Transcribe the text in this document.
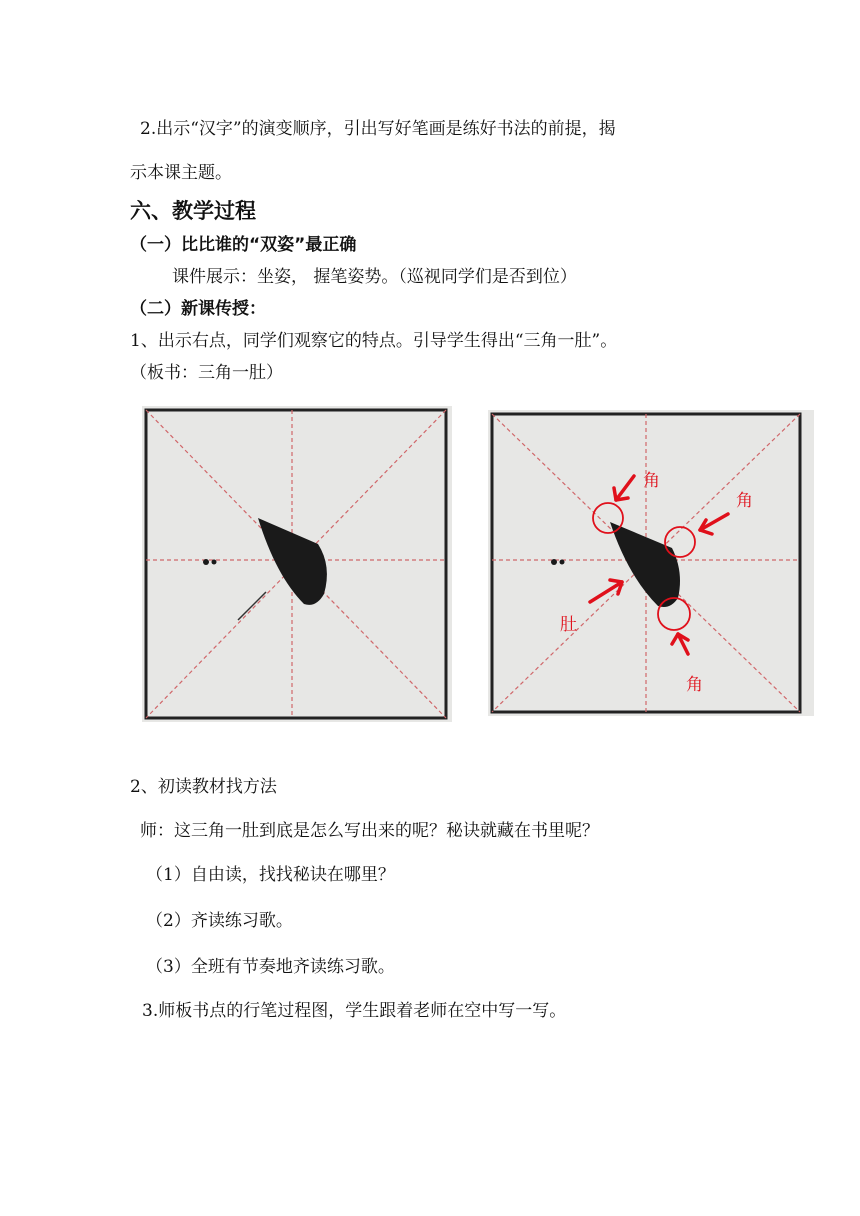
2.出示“汉字”的演变顺序，引出写好笔画是练好书法的前提，揭
示本课主题。
六、教学过程
（一）比比谁的“双姿”最正确
课件展示：坐姿， 握笔姿势。（巡视同学们是否到位）
（二）新课传授：
1、出示右点，同学们观察它的特点。引导学生得出“三角一肚”。
（板书：三角一肚）
角
角
肚
角
2、初读教材找方法
师：这三角一肚到底是怎么写出来的呢？秘诀就藏在书里呢？
（1）自由读，找找秘诀在哪里？
（2）齐读练习歌。
（3）全班有节奏地齐读练习歌。
3.师板书点的行笔过程图，学生跟着老师在空中写一写。
